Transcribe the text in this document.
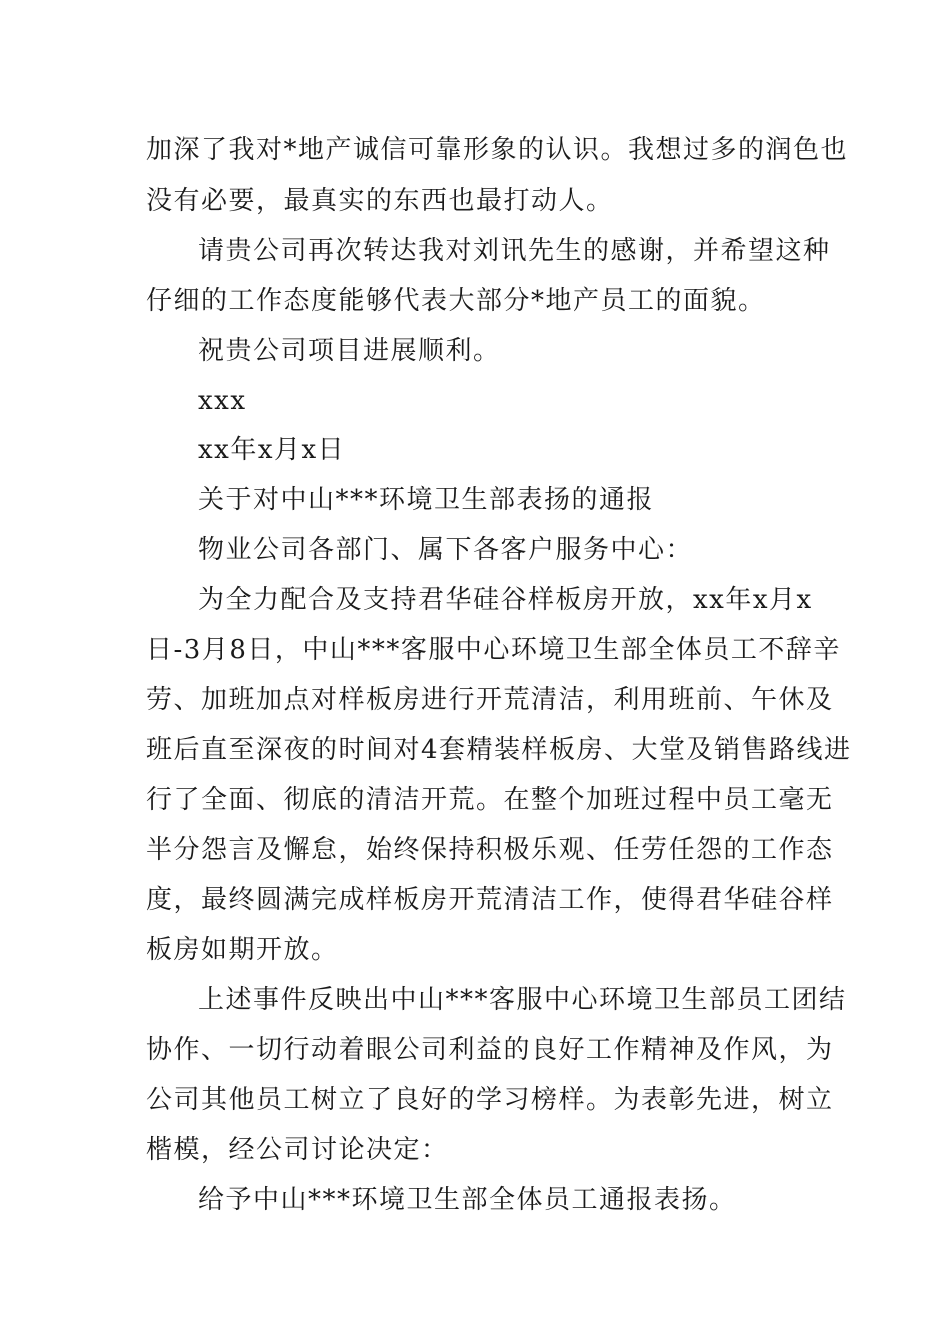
加深了我对*地产诚信可靠形象的认识。我想过多的润色也
没有必要，最真实的东西也最打动人。
请贵公司再次转达我对刘讯先生的感谢，并希望这种
仔细的工作态度能够代表大部分*地产员工的面貌。
祝贵公司项目进展顺利。
xxx
xx年x月x日
关于对中山***环境卫生部表扬的通报
物业公司各部门、属下各客户服务中心：
为全力配合及支持君华硅谷样板房开放，xx年x月x
日-3月8日，中山***客服中心环境卫生部全体员工不辞辛
劳、加班加点对样板房进行开荒清洁，利用班前、午休及
班后直至深夜的时间对4套精装样板房、大堂及销售路线进
行了全面、彻底的清洁开荒。在整个加班过程中员工毫无
半分怨言及懈怠，始终保持积极乐观、任劳任怨的工作态
度，最终圆满完成样板房开荒清洁工作，使得君华硅谷样
板房如期开放。
上述事件反映出中山***客服中心环境卫生部员工团结
协作、一切行动着眼公司利益的良好工作精神及作风，为
公司其他员工树立了良好的学习榜样。为表彰先进，树立
楷模，经公司讨论决定：
给予中山***环境卫生部全体员工通报表扬。
